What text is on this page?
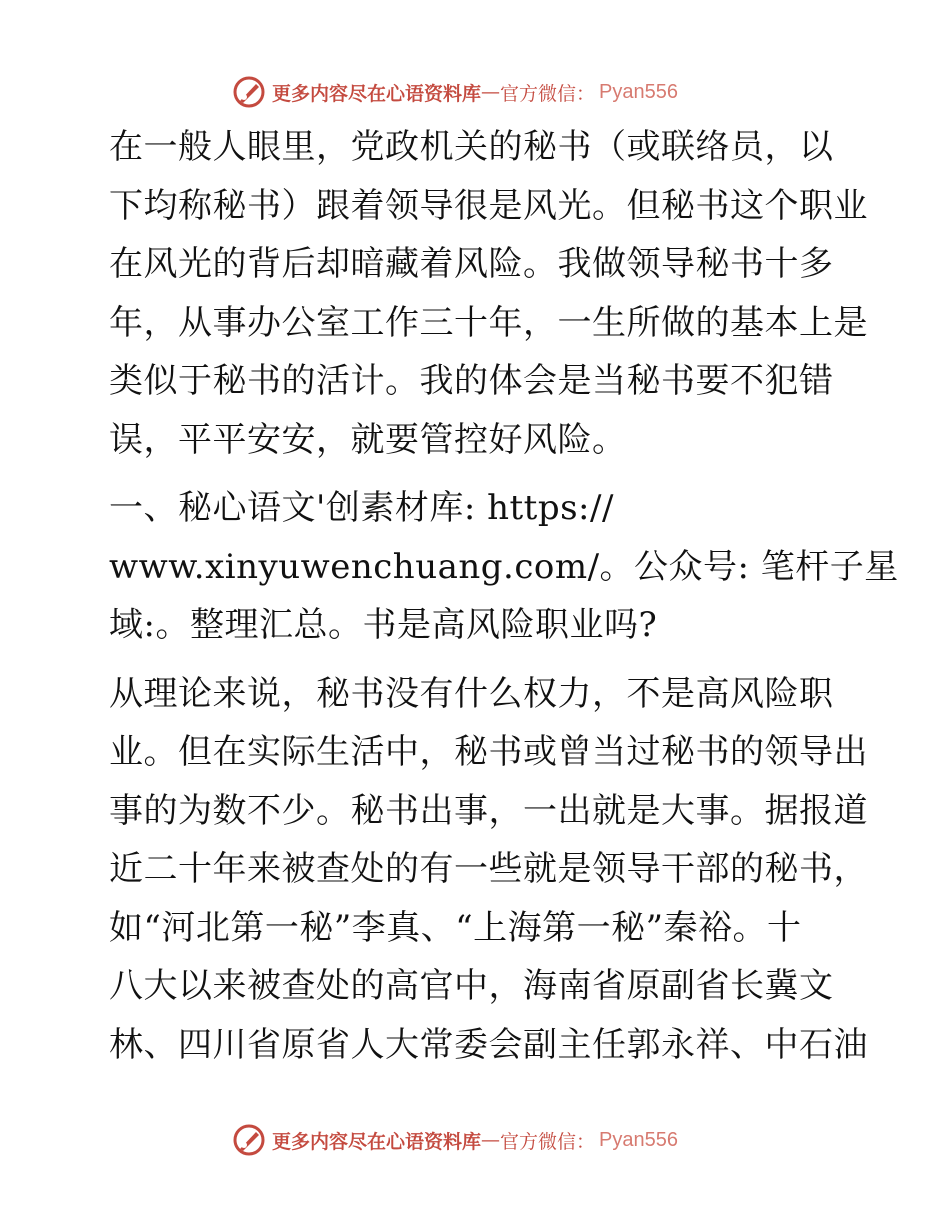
更多内容尽在心语资料库 — 官方微信： Pyan556

在一般人眼里，党政机关的秘书（或联络员，以
下均称秘书）跟着领导很是风光。但秘书这个职业
在风光的背后却暗藏着风险。我做领导秘书十多
年，从事办公室工作三十年，一生所做的基本上是
类似于秘书的活计。我的体会是当秘书要不犯错
误，平平安安，就要管控好风险。

一、秘心语文'创素材库: https://
www.xinyuwenchuang.com/。公众号: 笔杆子星
域:。整理汇总。书是高风险职业吗?

从理论来说，秘书没有什么权力，不是高风险职
业。但在实际生活中，秘书或曾当过秘书的领导出
事的为数不少。秘书出事，一出就是大事。据报道
近二十年来被查处的有一些就是领导干部的秘书，
如“河北第一秘”李真、“上海第一秘”秦裕。十
八大以来被查处的高官中，海南省原副省长冀文
林、四川省原省人大常委会副主任郭永祥、中石油

更多内容尽在心语资料库 — 官方微信： Pyan556
